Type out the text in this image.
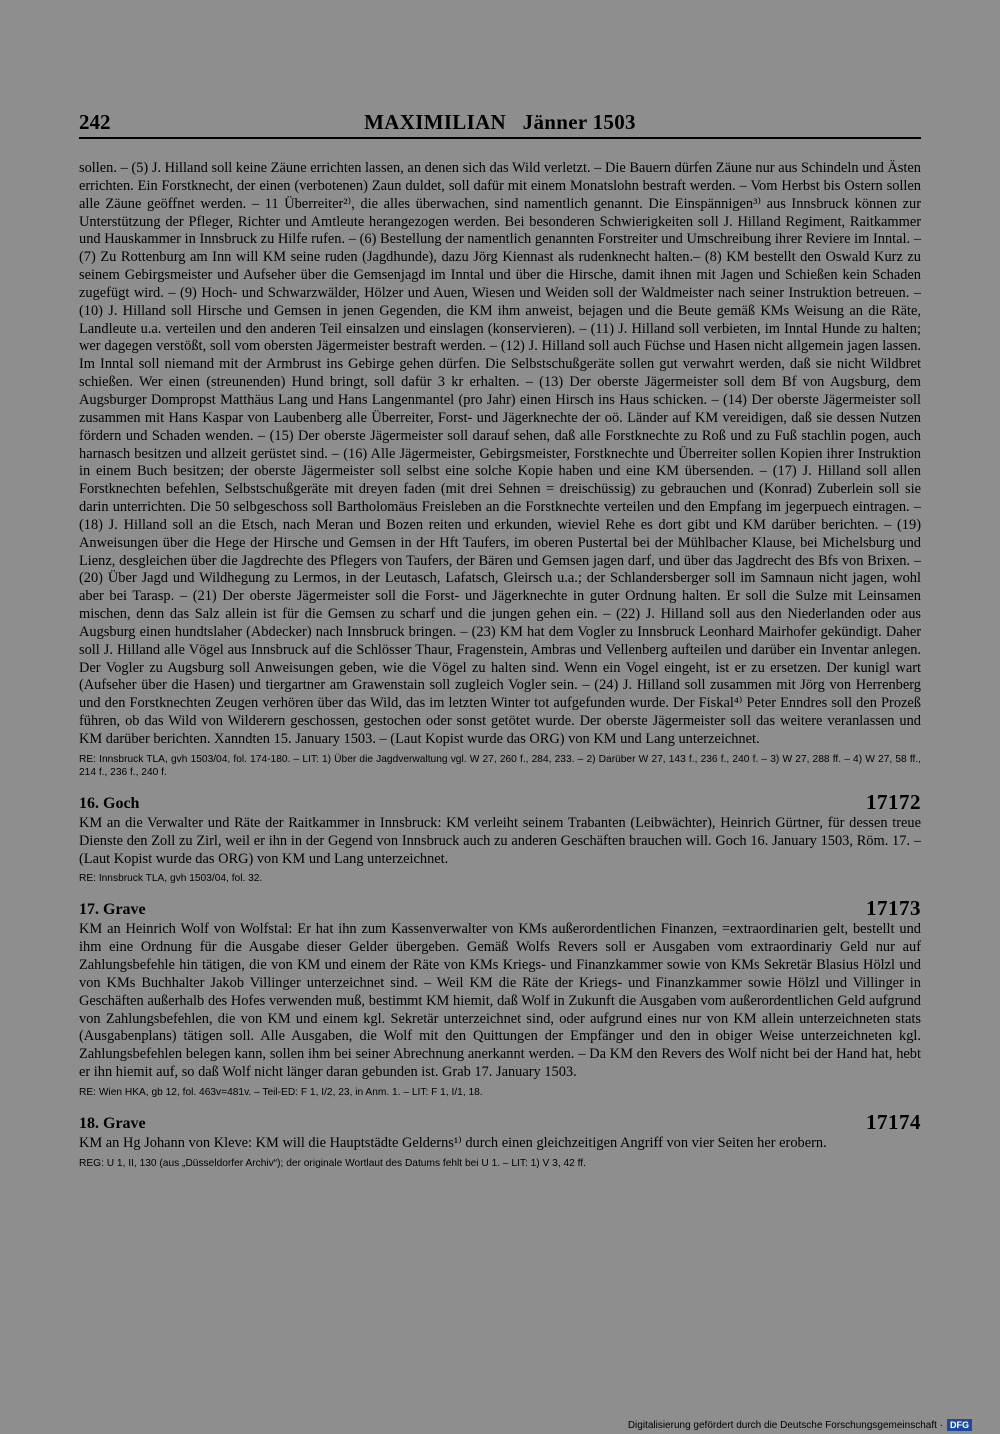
242	MAXIMILIAN   Jänner 1503

sollen. – (5) J. Hilland soll keine Zäune errichten lassen, an denen sich das Wild verletzt. – Die Bauern dürfen Zäune nur aus Schindeln und Ästen errichten. Ein Forstknecht, der einen (verbotenen) Zaun duldet, soll dafür mit einem Monatslohn bestraft werden. – Vom Herbst bis Ostern sollen alle Zäune geöffnet werden. – 11 Überreiter²⁾, die alles überwachen, sind namentlich genannt. Die Einspännigen³⁾ aus Innsbruck können zur Unterstützung der Pfleger, Richter und Amtleute herangezogen werden. Bei besonderen Schwierigkeiten soll J. Hilland Regiment, Raitkammer und Hauskammer in Innsbruck zu Hilfe rufen. – (6) Bestellung der namentlich genannten Forstreiter und Umschreibung ihrer Reviere im Inntal. – (7) Zu Rottenburg am Inn will KM seine ruden (Jagdhunde), dazu Jörg Kiennast als rudenknecht halten.– (8) KM bestellt den Oswald Kurz zu seinem Gebirgsmeister und Aufseher über die Gemsenjagd im Inntal und über die Hirsche, damit ihnen mit Jagen und Schießen kein Schaden zugefügt wird. – (9) Hoch- und Schwarzwälder, Hölzer und Auen, Wiesen und Weiden soll der Waldmeister nach seiner Instruktion betreuen. – (10) J. Hilland soll Hirsche und Gemsen in jenen Gegenden, die KM ihm anweist, bejagen und die Beute gemäß KMs Weisung an die Räte, Landleute u.a. verteilen und den anderen Teil einsalzen und einslagen (konservieren). – (11) J. Hilland soll verbieten, im Inntal Hunde zu halten; wer dagegen verstößt, soll vom obersten Jägermeister bestraft werden. – (12) J. Hilland soll auch Füchse und Hasen nicht allgemein jagen lassen. Im Inntal soll niemand mit der Armbrust ins Gebirge gehen dürfen. Die Selbstschußgeräte sollen gut verwahrt werden, daß sie nicht Wildbret schießen. Wer einen (streunenden) Hund bringt, soll dafür 3 kr erhalten. – (13) Der oberste Jägermeister soll dem Bf von Augsburg, dem Augsburger Dompropst Matthäus Lang und Hans Langenmantel (pro Jahr) einen Hirsch ins Haus schicken. – (14) Der oberste Jägermeister soll zusammen mit Hans Kaspar von Laubenberg alle Überreiter, Forst- und Jägerknechte der oö. Länder auf KM vereidigen, daß sie dessen Nutzen fördern und Schaden wenden. – (15) Der oberste Jägermeister soll darauf sehen, daß alle Forstknechte zu Roß und zu Fuß stachlin pogen, auch harnasch besitzen und allzeit gerüstet sind. – (16) Alle Jägermeister, Gebirgsmeister, Forstknechte und Überreiter sollen Kopien ihrer Instruktion in einem Buch besitzen; der oberste Jägermeister soll selbst eine solche Kopie haben und eine KM übersenden. – (17) J. Hilland soll allen Forstknechten befehlen, Selbstschußgeräte mit dreyen faden (mit drei Sehnen = dreischüssig) zu gebrauchen und (Konrad) Zuberlein soll sie darin unterrichten. Die 50 selbgeschoss soll Bartholomäus Freisleben an die Forstknechte verteilen und den Empfang im jegerpuech eintragen. – (18) J. Hilland soll an die Etsch, nach Meran und Bozen reiten und erkunden, wieviel Rehe es dort gibt und KM darüber berichten. – (19) Anweisungen über die Hege der Hirsche und Gemsen in der Hft Taufers, im oberen Pustertal bei der Mühlbacher Klause, bei Michelsburg und Lienz, desgleichen über die Jagdrechte des Pflegers von Taufers, der Bären und Gemsen jagen darf, und über das Jagdrecht des Bfs von Brixen. – (20) Über Jagd und Wildhegung zu Lermos, in der Leutasch, Lafatsch, Gleirsch u.a.; der Schlandersberger soll im Samnaun nicht jagen, wohl aber bei Tarasp. – (21) Der oberste Jägermeister soll die Forst- und Jägerknechte in guter Ordnung halten. Er soll die Sulze mit Leinsamen mischen, denn das Salz allein ist für die Gemsen zu scharf und die jungen gehen ein. – (22) J. Hilland soll aus den Niederlanden oder aus Augsburg einen hundtslaher (Abdecker) nach Innsbruck bringen. – (23) KM hat dem Vogler zu Innsbruck Leonhard Mairhofer gekündigt. Daher soll J. Hilland alle Vögel aus Innsbruck auf die Schlösser Thaur, Fragenstein, Ambras und Vellenberg aufteilen und darüber ein Inventar anlegen. Der Vogler zu Augsburg soll Anweisungen geben, wie die Vögel zu halten sind. Wenn ein Vogel eingeht, ist er zu ersetzen. Der kunigl wart (Aufseher über die Hasen) und tiergartner am Grawenstain soll zugleich Vogler sein. – (24) J. Hilland soll zusammen mit Jörg von Herrenberg und den Forstknechten Zeugen verhören über das Wild, das im letzten Winter tot aufgefunden wurde. Der Fiskal⁴⁾ Peter Enndres soll den Prozeß führen, ob das Wild von Wilderern geschossen, gestochen oder sonst getötet wurde. Der oberste Jägermeister soll das weitere veranlassen und KM darüber berichten. Xanndten 15. January 1503. – (Laut Kopist wurde das ORG) von KM und Lang unterzeichnet.

RE: Innsbruck TLA, gvh 1503/04, fol. 174-180. – LIT: 1) Über die Jagdverwaltung vgl. W 27, 260 f., 284, 233. – 2) Darüber W 27, 143 f., 236 f., 240 f. – 3) W 27, 288 ff. – 4) W 27, 58 ff., 214 f., 236 f., 240 f.

16. Goch	17172

KM an die Verwalter und Räte der Raitkammer in Innsbruck: KM verleiht seinem Trabanten (Leibwächter), Heinrich Gürtner, für dessen treue Dienste den Zoll zu Zirl, weil er ihn in der Gegend von Innsbruck auch zu anderen Geschäften brauchen will. Goch 16. January 1503, Röm. 17. – (Laut Kopist wurde das ORG) von KM und Lang unterzeichnet.

RE: Innsbruck TLA, gvh 1503/04, fol. 32.

17. Grave	17173

KM an Heinrich Wolf von Wolfstal: Er hat ihn zum Kassenverwalter von KMs außerordentlichen Finanzen, =extraordinarien gelt, bestellt und ihm eine Ordnung für die Ausgabe dieser Gelder übergeben. Gemäß Wolfs Revers soll er Ausgaben vom extraordinariy Geld nur auf Zahlungsbefehle hin tätigen, die von KM und einem der Räte von KMs Kriegs- und Finanzkammer sowie von KMs Sekretär Blasius Hölzl und von KMs Buchhalter Jakob Villinger unterzeichnet sind. – Weil KM die Räte der Kriegs- und Finanzkammer sowie Hölzl und Villinger in Geschäften außerhalb des Hofes verwenden muß, bestimmt KM hiemit, daß Wolf in Zukunft die Ausgaben vom außerordentlichen Geld aufgrund von Zahlungsbefehlen, die von KM und einem kgl. Sekretär unterzeichnet sind, oder aufgrund eines nur von KM allein unterzeichneten stats (Ausgabenplans) tätigen soll. Alle Ausgaben, die Wolf mit den Quittungen der Empfänger und den in obiger Weise unterzeichneten kgl. Zahlungsbefehlen belegen kann, sollen ihm bei seiner Abrechnung anerkannt werden. – Da KM den Revers des Wolf nicht bei der Hand hat, hebt er ihn hiemit auf, so daß Wolf nicht länger daran gebunden ist. Grab 17. January 1503.

RE: Wien HKA, gb 12, fol. 463v=481v. – Teil-ED: F 1, I/2, 23, in Anm. 1. – LIT: F 1, I/1, 18.

18. Grave	17174

KM an Hg Johann von Kleve: KM will die Hauptstädte Gelderns¹⁾ durch einen gleichzeitigen Angriff von vier Seiten her erobern.

REG: U 1, II, 130 (aus „Düsseldorfer Archiv“); der originale Wortlaut des Datums fehlt bei U 1. – LIT: 1) V 3, 42 ff.

Digitalisierung gefördert durch die Deutsche Forschungsgemeinschaft · DFG
